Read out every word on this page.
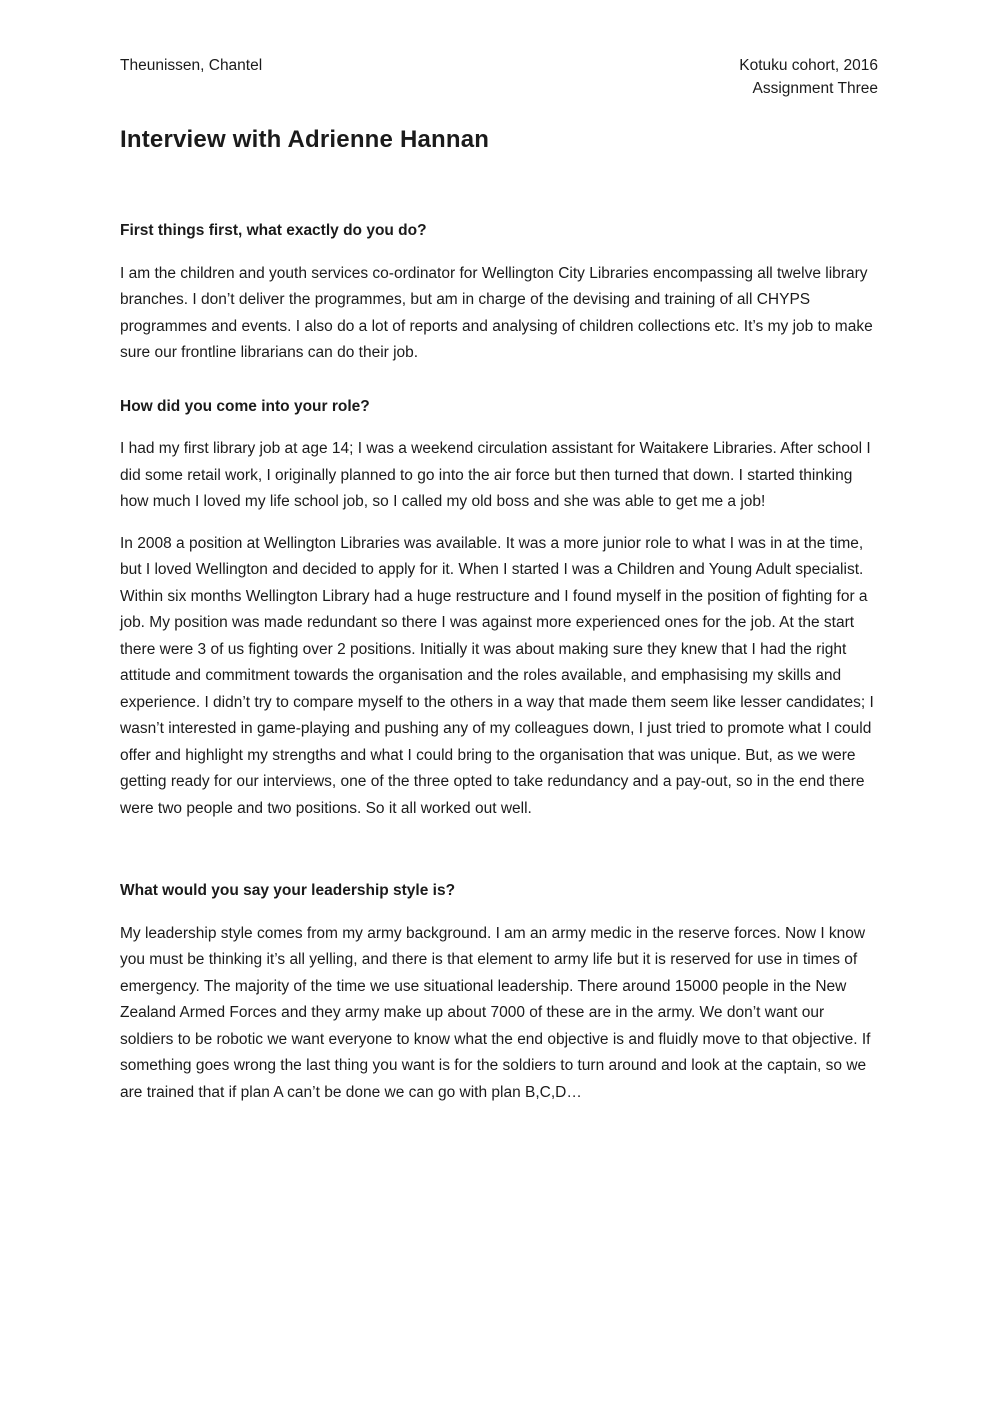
Theunissen, Chantel	Kotuku cohort, 2016
Assignment Three
Interview with Adrienne Hannan
First things first, what exactly do you do?

I am the children and youth services co-ordinator for Wellington City Libraries encompassing all twelve library branches. I don’t deliver the programmes, but am in charge of the devising and training of all CHYPS programmes and events. I also do a lot of reports and analysing of children collections etc. It’s my job to make sure our frontline librarians can do their job.

How did you come into your role?

I had my first library job at age 14; I was a weekend circulation assistant for Waitakere Libraries. After school I did some retail work, I originally planned to go into the air force but then turned that down. I started thinking how much I loved my life school job, so I called my old boss and she was able to get me a job!

In 2008 a position at Wellington Libraries was available. It was a more junior role to what I was in at the time, but I loved Wellington and decided to apply for it. When I started I was a Children and Young Adult specialist. Within six months Wellington Library had a huge restructure and I found myself in the position of fighting for a job. My position was made redundant so there I was against more experienced ones for the job. At the start there were 3 of us fighting over 2 positions. Initially it was about making sure they knew that I had the right attitude and commitment towards the organisation and the roles available, and emphasising my skills and experience. I didn’t try to compare myself to the others in a way that made them seem like lesser candidates; I wasn’t interested in game-playing and pushing any of my colleagues down, I just tried to promote what I could offer and highlight my strengths and what I could bring to the organisation that was unique. But, as we were getting ready for our interviews, one of the three opted to take redundancy and a pay-out, so in the end there were two people and two positions. So it all worked out well.

What would you say your leadership style is?

My leadership style comes from my army background. I am an army medic in the reserve forces. Now I know you must be thinking it’s all yelling, and there is that element to army life but it is reserved for use in times of emergency. The majority of the time we use situational leadership. There around 15000 people in the New Zealand Armed Forces and they army make up about 7000 of these are in the army. We don’t want our soldiers to be robotic we want everyone to know what the end objective is and fluidly move to that objective. If something goes wrong the last thing you want is for the soldiers to turn around and look at the captain, so we are trained that if plan A can’t be done we can go with plan B,C,D…
